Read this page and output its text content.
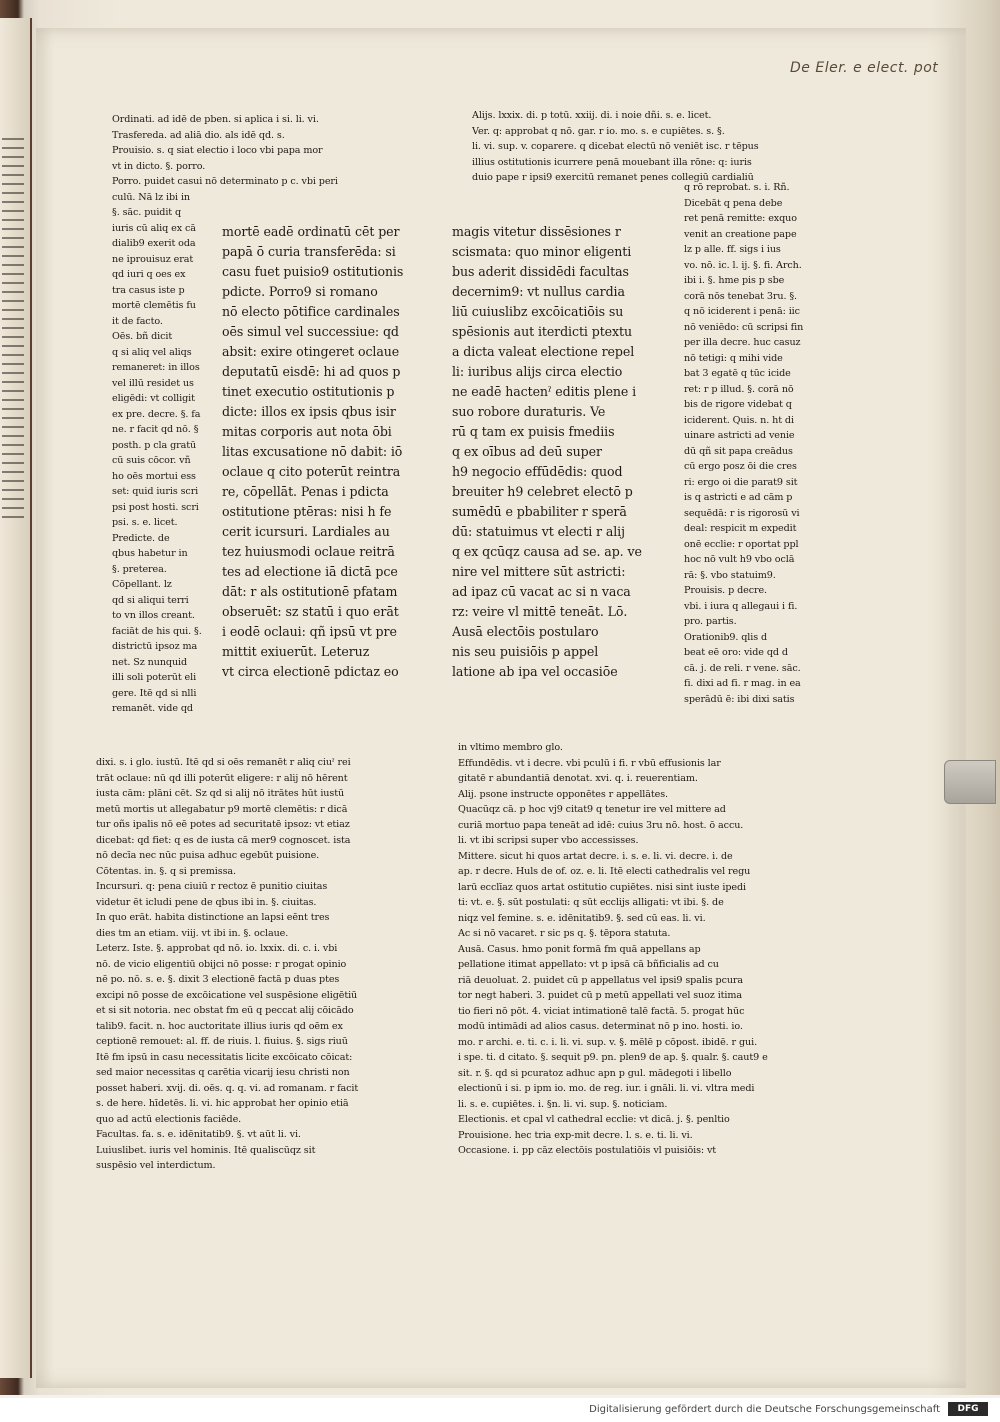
De Eler. e elect. pot

Ordinati. ad idē de pben. si aplica i si. li. vi.

Trasfereda. ad aliā dio. als idē qd. s.

Prouisio. s. q siat electio i loco vbi papa mor

vt in dicto. §. porro.

Porro. puidet casui nō determinato p c. vbi peri

culū. Nā lz ibi in

§. sāc. puidit q

iuris cū aliq ex cā

dialib9 exerit oda

ne iprouisuz erat

qd iuri q oes ex

tra casus iste p

mortē clemētis fu

it de facto.

Oēs. bñ dicit

q si aliq vel aliqs

remaneret: in illos

vel illū residet us

eligēdi: vt colligit

ex pre. decre. §. fa

ne. r facit qd nō. §

posth. p cla gratū

cū suis cōcor. vñ

ho oēs mortui ess

set: quid iuris scri

psi post hosti. scri

psi. s. e. licet.

Predicte. de

qbus habetur in

§. preterea.

Cōpellant. lz

qd si aliqui terri

to vn illos creant.

faciāt de his qui. §.

districtū ipsoz ma

net. Sz nunquid

illi soli poterūt eli

gere. Itē qd si nlli

remanēt. vide qd

mortē eadē ordinatū cēt per

papā ō curia transferēda: si

casu fuet puisio9 ostitutionis

pdicte. Porro9 si romano

nō electo pōtifice cardinales

oēs simul vel successiue: qd

absit: exire otingeret oclaue

deputatū eisdē: hi ad quos p

tinet executio ostitutionis p

dicte: illos ex ipsis qbus isir

mitas corporis aut nota ōbi

litas excusatione nō dabit: iō

oclaue q cito poterūt reintra

re, cōpellāt. Penas i pdicta

ostitutione ptēras: nisi h fe

cerit icursuri. Lardiales au

tez huiusmodi oclaue reitrā

tes ad electione iā dictā pce

dāt: r als ostitutionē pfatam

obseruēt: sz statū i quo erāt

i eodē oclaui: qñ ipsū vt pre

mittit exiuerūt. Leteruz

vt circa electionē pdictaz eo

magis vitetur dissēsiones r

scismata: quo minor eligenti

bus aderit dissidēdi facultas

decernim9: vt nullus cardia

liū cuiuslibz excōicatiōis su

spēsionis aut iterdicti ptextu

a dicta valeat electione repel

li: iuribus alijs circa electio

ne eadē hactenˀ editis plene i

suo robore duraturis. Ve

rū q tam ex puisis fmediis

q ex oībus ad deū super

h9 negocio effūdēdis: quod

breuiter h9 celebret electō p

sumēdū e pbabiliter r sperā

dū: statuimus vt electi r alij

q ex qcūqz causa ad se. ap. ve

nire vel mittere sūt astricti:

ad ipaz cū vacat ac si n vaca

rz: veire vl mittē teneāt. Lō.

Ausā electōis postularo

nis seu puisiōis p appel

latione ab ipa vel occasiōe

Alijs. lxxix. di. p totū. xxiij. di. i noie dñi. s. e. licet.

Ver. q: approbat q nō. gar. r io. mo. s. e cupiētes. s. §.

li. vi. sup. v. coparere. q dicebat electū nō veniēt isc. r tēpus

illius ostitutionis icurrere penā mouebant illa rōne: q: iuris

duio pape r ipsi9 exercitū remanet penes collegiū cardialiū

q rō reprobat. s. i. Rñ.

Dicebāt q pena debe

ret penā remitte: exquo

venit an creatione pape

lz p alle. ff. sigs i ius

vo. nō. ic. l. ij. §. fi. Arch.

ibi i. §. hme pis p sbe

corā nōs tenebat 3ru. §.

q nō iciderent i penā: iic

nō veniēdo: cū scripsi fin

per illa decre. huc casuz

nō tetigi: q mihi vide

bat 3 egatē q tūc icide

ret: r p illud. §. corā nō

bis de rigore videbat q

iciderent. Quis. n. ht di

uinare astricti ad venie

dū qñ sit papa creādus

cū ergo posz ōi die cres

ri: ergo oi die parat9 sit

is q astricti e ad cām p

sequēdā: r is rigorosū vi

deal: respicit m expedit

onē ecclie: r oportat ppl

hoc nō vult h9 vbo oclā

rā: §. vbo statuim9.

Prouisis. p decre.

vbi. i iura q allegaui i fi.

pro. partis.

Orationib9. qlis d

beat eē oro: vide qd d

cā. j. de reli. r vene. sāc.

fi. dixi ad fi. r mag. in ea

sperādū ē: ibi dixi satis

dixi. s. i glo. iustū. Itē qd si oēs remanēt r aliq ciuˀ rei

trāt oclaue: nū qd illi poterūt eligere: r alij nō hērent

iusta cām: plāni cēt. Sz qd si alij nō itrātes hūt iustū

metū mortis ut allegabatur p9 mortē clemētis: r dicā

tur oñs ipalis nō eē potes ad securitatē ipsoz: vt etiaz

dicebat: qd fiet: q es de iusta cā mer9 cognoscet. ista

nō decīa nec nūc puisa adhuc egebūt puisione.

Cōtentas. in. §. q si premissa.

Incursuri. q: pena ciuiū r rectoz ē punitio ciuitas

videtur ēt icludi pene de qbus ibi in. §. ciuitas.

In quo erāt. habita distinctione an lapsi eēnt tres

dies tm an etiam. viij. vt ibi in. §. oclaue.

Leterz. Iste. §. approbat qd nō. io. lxxix. di. c. i. vbi

nō. de vicio eligentiū obijci nō posse: r progat opinio

nē po. nō. s. e. §. dixit 3 electionē factā p duas ptes

excipi nō posse de excōicatione vel suspēsione eligētiū

et si sit notoria. nec obstat fm eū q peccat alij cōicādo

talib9. facit. n. hoc auctoritate illius iuris qd oēm ex

ceptionē remouet: al. ff. de riuis. l. fiuius. §. sigs riuū

Itē fm ipsū in casu necessitatis licite excōicato cōicat:

sed maior necessitas q carētia vicarij iesu christi non

posset haberi. xvij. di. oēs. q. q. vi. ad romanam. r facit

s. de here. hīdetēs. li. vi. hic approbat her opinio etiā

quo ad actū electionis faciēde.

Facultas. fa. s. e. idēnitatib9. §. vt aūt li. vi.

Luiuslibet. iuris vel hominis. Itē qualiscūqz sit

suspēsio vel interdictum.

in vltimo membro glo.

Effundēdis. vt i decre. vbi pculū i fi. r vbū effusionis lar

gitatē r abundantiā denotat. xvi. q. i. reuerentiam.

Alij. psone instructe opponētes r appellātes.

Quacūqz cā. p hoc vj9 citat9 q tenetur ire vel mittere ad

curiā mortuo papa teneāt ad idē: cuius 3ru nō. host. ō accu.

li. vt ibi scripsi super vbo accessisses.

Mittere. sicut hi quos artat decre. i. s. e. li. vi. decre. i. de

ap. r decre. Huls de of. oz. e. li. Itē electi cathedralis vel regu

larū ecclīaz quos artat ostitutio cupiētes. nisi sint iuste ipedi

ti: vt. e. §. sūt postulati: q sūt ecclijs alligati: vt ibi. §. de

niqz vel femine. s. e. idēnitatib9. §. sed cū eas. li. vi.

Ac si nō vacaret. r sic ps q. §. tēpora statuta.

Ausā. Casus. hmo ponit formā fm quā appellans ap

pellatione itimat appellato: vt p ipsā cā bñficialis ad cu

riā deuoluat. 2. puidet cū p appellatus vel ipsi9 spalis pcura

tor negt haberi. 3. puidet cū p metū appellati vel suoz itima

tio fieri nō pōt. 4. viciat intimationē talē factā. 5. progat hūc

modū intimādi ad alios casus. determinat nō p ino. hosti. io.

mo. r archi. e. ti. c. i. li. vi. sup. v. §. mēlē p cōpost. ibidē. r gui.

i spe. ti. d citato. §. sequit p9. pn. plen9 de ap. §. qualr. §. caut9 e

sit. r. §. qd si pcuratoz adhuc apn p gul. mādegoti i libello

electionū i si. p ipm io. mo. de reg. iur. i gnāli. li. vi. vltra medi

li. s. e. cupiētes. i. §n. li. vi. sup. §. noticiam.

Electionis. et cpal vl cathedral ecclie: vt dicā. j. §. penltio

Prouisione. hec tria exp-mit decre. l. s. e. ti. li. vi.

Occasione. i. pp cāz electōis postulatiōis vl puisiōis: vt

Digitalisierung gefördert durch die Deutsche Forschungsgemeinschaft	DFG
